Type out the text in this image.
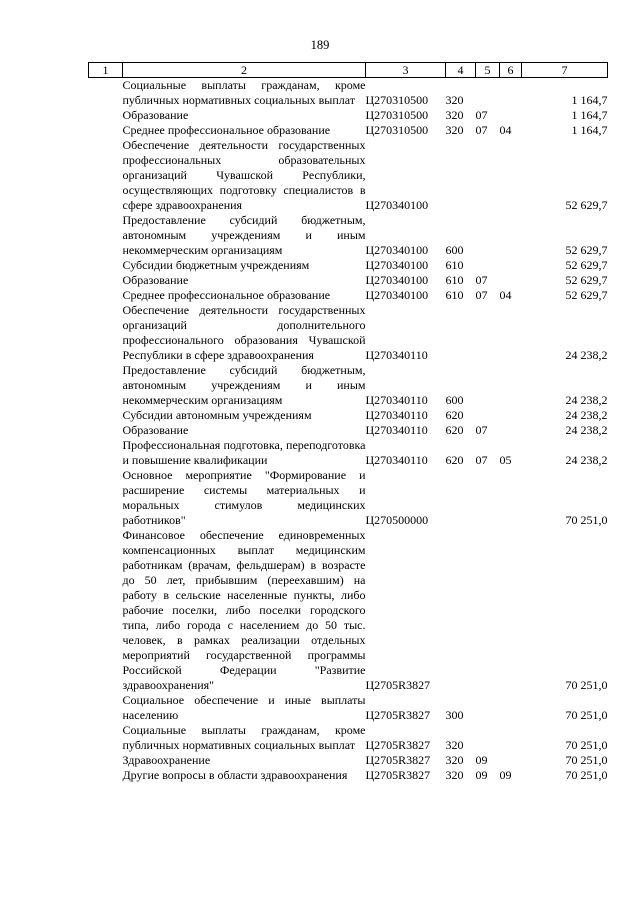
189
1	2	3	4	5	6	7
	Социальные выплаты гражданам, кроме публичных нормативных социальных выплат	Ц270310500	320			1 164,7
	Образование	Ц270310500	320	07		1 164,7
	Среднее профессиональное образование	Ц270310500	320	07	04	1 164,7
	Обеспечение деятельности государственных профессиональных образовательных организаций Чувашской Республики, осуществляющих подготовку специалистов в сфере здравоохранения	Ц270340100				52 629,7
	Предоставление субсидий бюджетным, автономным учреждениям и иным некоммерческим организациям	Ц270340100	600			52 629,7
	Субсидии бюджетным учреждениям	Ц270340100	610			52 629,7
	Образование	Ц270340100	610	07		52 629,7
	Среднее профессиональное образование	Ц270340100	610	07	04	52 629,7
	Обеспечение деятельности государственных организаций дополнительного профессионального образования Чувашской Республики в сфере здравоохранения	Ц270340110				24 238,2
	Предоставление субсидий бюджетным, автономным учреждениям и иным некоммерческим организациям	Ц270340110	600			24 238,2
	Субсидии автономным учреждениям	Ц270340110	620			24 238,2
	Образование	Ц270340110	620	07		24 238,2
	Профессиональная подготовка, переподготовка и повышение квалификации	Ц270340110	620	07	05	24 238,2
	Основное мероприятие "Формирование и расширение системы материальных и моральных стимулов медицинских работников"	Ц270500000				70 251,0
	Финансовое обеспечение единовременных компенсационных выплат медицинским работникам (врачам, фельдшерам) в возрасте до 50 лет, прибывшим (переехавшим) на работу в сельские населенные пункты, либо рабочие поселки, либо поселки городского типа, либо города с населением до 50 тыс. человек, в рамках реализации отдельных мероприятий государственной программы Российской Федерации "Развитие здравоохранения"	Ц2705R3827				70 251,0
	Социальное обеспечение и иные выплаты населению	Ц2705R3827	300			70 251,0
	Социальные выплаты гражданам, кроме публичных нормативных социальных выплат	Ц2705R3827	320			70 251,0
	Здравоохранение	Ц2705R3827	320	09		70 251,0
	Другие вопросы в области здравоохранения	Ц2705R3827	320	09	09	70 251,0
